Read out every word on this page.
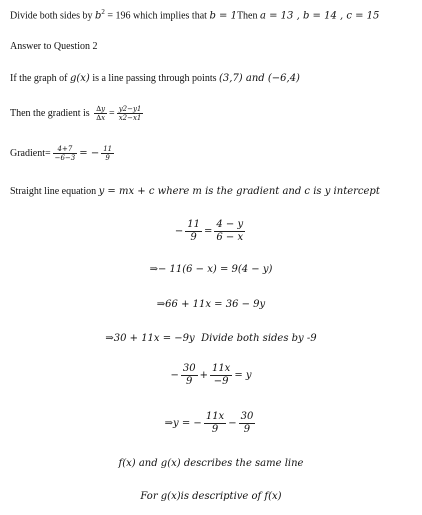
Divide both sides by $b^2 = 196$ which implies that b = 1Then a = 13 , b = 14 , c = 15
Answer to Question 2
If the graph of g(x) is a line passing through points (3,7) and (−6,4)
Then the gradient is $\frac{\Delta y}{\Delta x} = \frac{y2-y1}{x2-x1}$
Gradient= $\frac{4+7}{-6-3}$ = − $\frac{11}{9}$
Straight line equation y = mx + c where m is the gradient and c is y intercept
− $\frac{11}{9} = \frac{4 - y}{6 - x}$
⇒− 11(6 − x) = 9(4 − y)
⇒66 + 11x = 36 − 9y
⇒30 + 11x = −9y Divide both sides by -9
− $\frac{30}{9} + \frac{11x}{-9} = y$
⇒y = − $\frac{11x}{9} - \frac{30}{9}$
f(x) and g(x) describes the same line
For g(x)is descriptive of f(x)
